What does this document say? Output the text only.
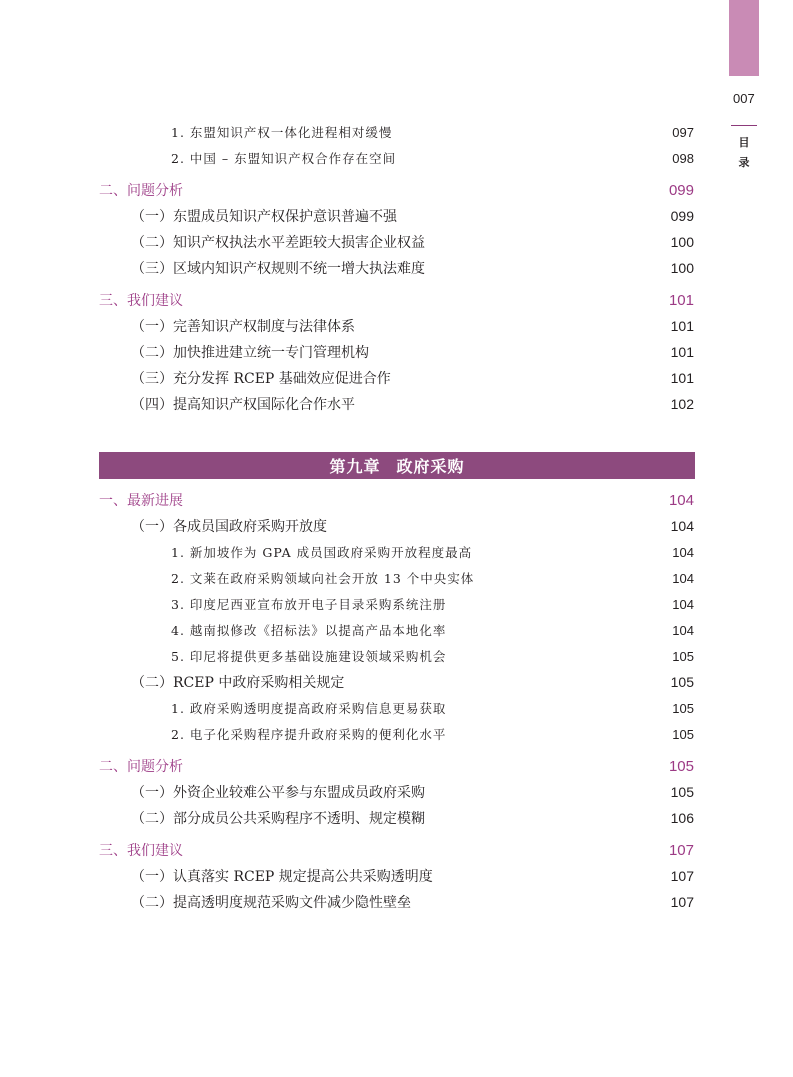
007
目录
1. 东盟知识产权一体化进程相对缓慢	097
2. 中国 – 东盟知识产权合作存在空间	098
二、问题分析	099
（一）东盟成员知识产权保护意识普遍不强	099
（二）知识产权执法水平差距较大损害企业权益	100
（三）区域内知识产权规则不统一增大执法难度	100
三、我们建议	101
（一）完善知识产权制度与法律体系	101
（二）加快推进建立统一专门管理机构	101
（三）充分发挥 RCEP 基础效应促进合作	101
（四）提高知识产权国际化合作水平	102
第九章 政府采购
一、最新进展	104
（一）各成员国政府采购开放度	104
1. 新加坡作为 GPA 成员国政府采购开放程度最高	104
2. 文莱在政府采购领域向社会开放 13 个中央实体	104
3. 印度尼西亚宣布放开电子目录采购系统注册	104
4. 越南拟修改《招标法》以提高产品本地化率	104
5. 印尼将提供更多基础设施建设领域采购机会	105
（二）RCEP 中政府采购相关规定	105
1. 政府采购透明度提高政府采购信息更易获取	105
2. 电子化采购程序提升政府采购的便利化水平	105
二、问题分析	105
（一）外资企业较难公平参与东盟成员政府采购	105
（二）部分成员公共采购程序不透明、规定模糊	106
三、我们建议	107
（一）认真落实 RCEP 规定提高公共采购透明度	107
（二）提高透明度规范采购文件减少隐性壁垒	107
